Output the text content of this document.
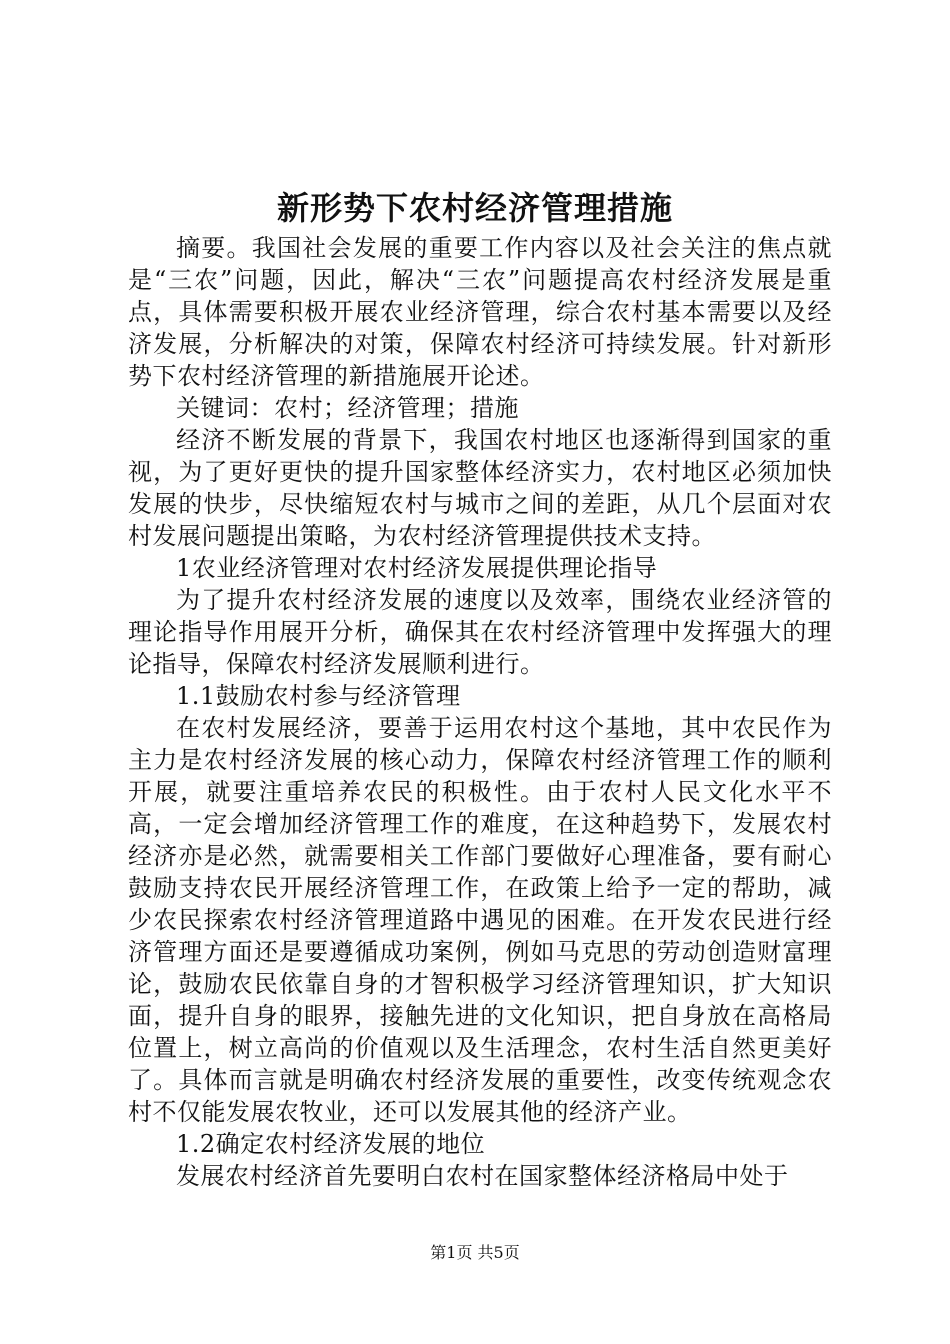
新形势下农村经济管理措施

摘要。我国社会发展的重要工作内容以及社会关注的焦点就是“三农”问题，因此，解决“三农”问题提高农村经济发展是重点，具体需要积极开展农业经济管理，综合农村基本需要以及经济发展，分析解决的对策，保障农村经济可持续发展。针对新形势下农村经济管理的新措施展开论述。

关键词：农村；经济管理；措施

经济不断发展的背景下，我国农村地区也逐渐得到国家的重视，为了更好更快的提升国家整体经济实力，农村地区必须加快发展的快步，尽快缩短农村与城市之间的差距，从几个层面对农村发展问题提出策略，为农村经济管理提供技术支持。

1农业经济管理对农村经济发展提供理论指导

为了提升农村经济发展的速度以及效率，围绕农业经济管的理论指导作用展开分析，确保其在农村经济管理中发挥强大的理论指导，保障农村经济发展顺利进行。

1.1鼓励农村参与经济管理

在农村发展经济，要善于运用农村这个基地，其中农民作为主力是农村经济发展的核心动力，保障农村经济管理工作的顺利开展，就要注重培养农民的积极性。由于农村人民文化水平不高，一定会增加经济管理工作的难度，在这种趋势下，发展农村经济亦是必然，就需要相关工作部门要做好心理准备，要有耐心鼓励支持农民开展经济管理工作，在政策上给予一定的帮助，减少农民探索农村经济管理道路中遇见的困难。在开发农民进行经济管理方面还是要遵循成功案例，例如马克思的劳动创造财富理论，鼓励农民依靠自身的才智积极学习经济管理知识，扩大知识面，提升自身的眼界，接触先进的文化知识，把自身放在高格局位置上，树立高尚的价值观以及生活理念，农村生活自然更美好了。具体而言就是明确农村经济发展的重要性，改变传统观念农村不仅能发展农牧业，还可以发展其他的经济产业。

1.2确定农村经济发展的地位

发展农村经济首先要明白农村在国家整体经济格局中处于

第1页 共5页
